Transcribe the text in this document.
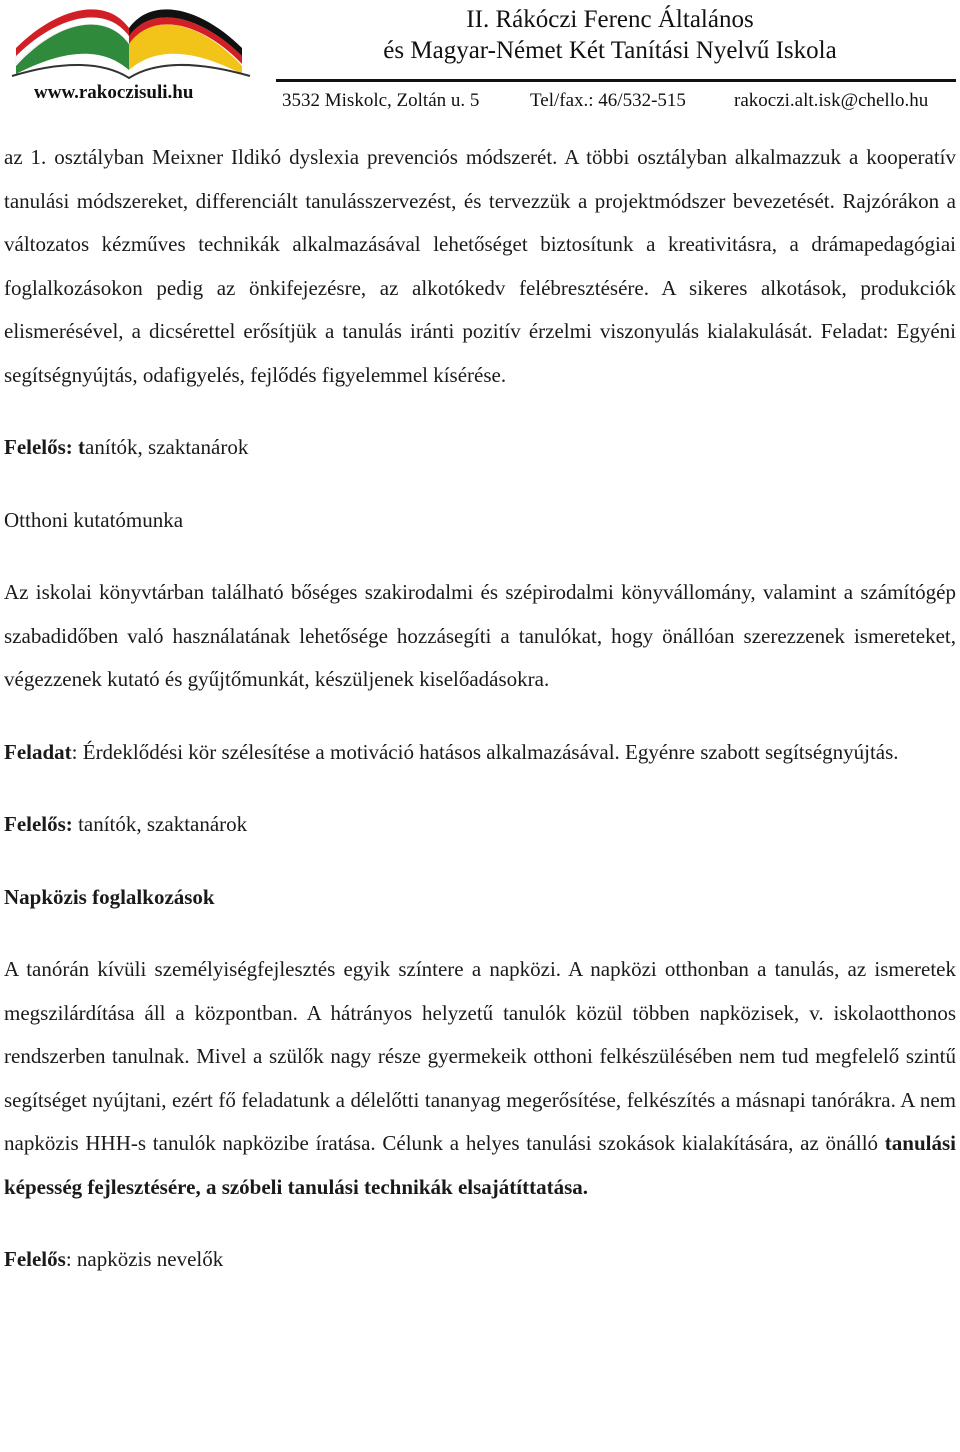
www.rakoczisuli.hu
II. Rákóczi Ferenc Általános
és Magyar-Német Két Tanítási Nyelvű Iskola
3532 Miskolc, Zoltán u. 5	Tel/fax.: 46/532-515	rakoczi.alt.isk@chello.hu

az 1. osztályban Meixner Ildikó dyslexia prevenciós módszerét. A többi osztályban alkalmazzuk a kooperatív tanulási módszereket, differenciált tanulásszervezést, és tervezzük a projektmódszer bevezetését. Rajzórákon a változatos kézműves technikák alkalmazásával lehetőséget biztosítunk a kreativitásra, a drámapedagógiai foglalkozásokon pedig az önkifejezésre, az alkotókedv felébresztésére. A sikeres alkotások, produkciók elismerésével, a dicsérettel erősítjük a tanulás iránti pozitív érzelmi viszonyulás kialakulását. Feladat: Egyéni segítségnyújtás, odafigyelés, fejlődés figyelemmel kísérése.

Felelős: tanítók, szaktanárok

Otthoni kutatómunka

Az iskolai könyvtárban található bőséges szakirodalmi és szépirodalmi könyvállomány, valamint a számítógép szabadidőben való használatának lehetősége hozzásegíti a tanulókat, hogy önállóan szerezzenek ismereteket, végezzenek kutató és gyűjtőmunkát, készüljenek kiselőadásokra.

Feladat: Érdeklődési kör szélesítése a motiváció hatásos alkalmazásával. Egyénre szabott segítségnyújtás.

Felelős: tanítók, szaktanárok

Napközis foglalkozások

A tanórán kívüli személyiségfejlesztés egyik színtere a napközi. A napközi otthonban a tanulás, az ismeretek megszilárdítása áll a központban. A hátrányos helyzetű tanulók közül többen napközisek, v. iskolaotthonos rendszerben tanulnak. Mivel a szülők nagy része gyermekeik otthoni felkészülésében nem tud megfelelő szintű segítséget nyújtani, ezért fő feladatunk a délelőtti tananyag megerősítése, felkészítés a másnapi tanórákra. A nem napközis HHH-s tanulók napközibe íratása. Célunk a helyes tanulási szokások kialakítására, az önálló tanulási képesség fejlesztésére, a szóbeli tanulási technikák elsajátíttatása.

Felelős: napközis nevelők
